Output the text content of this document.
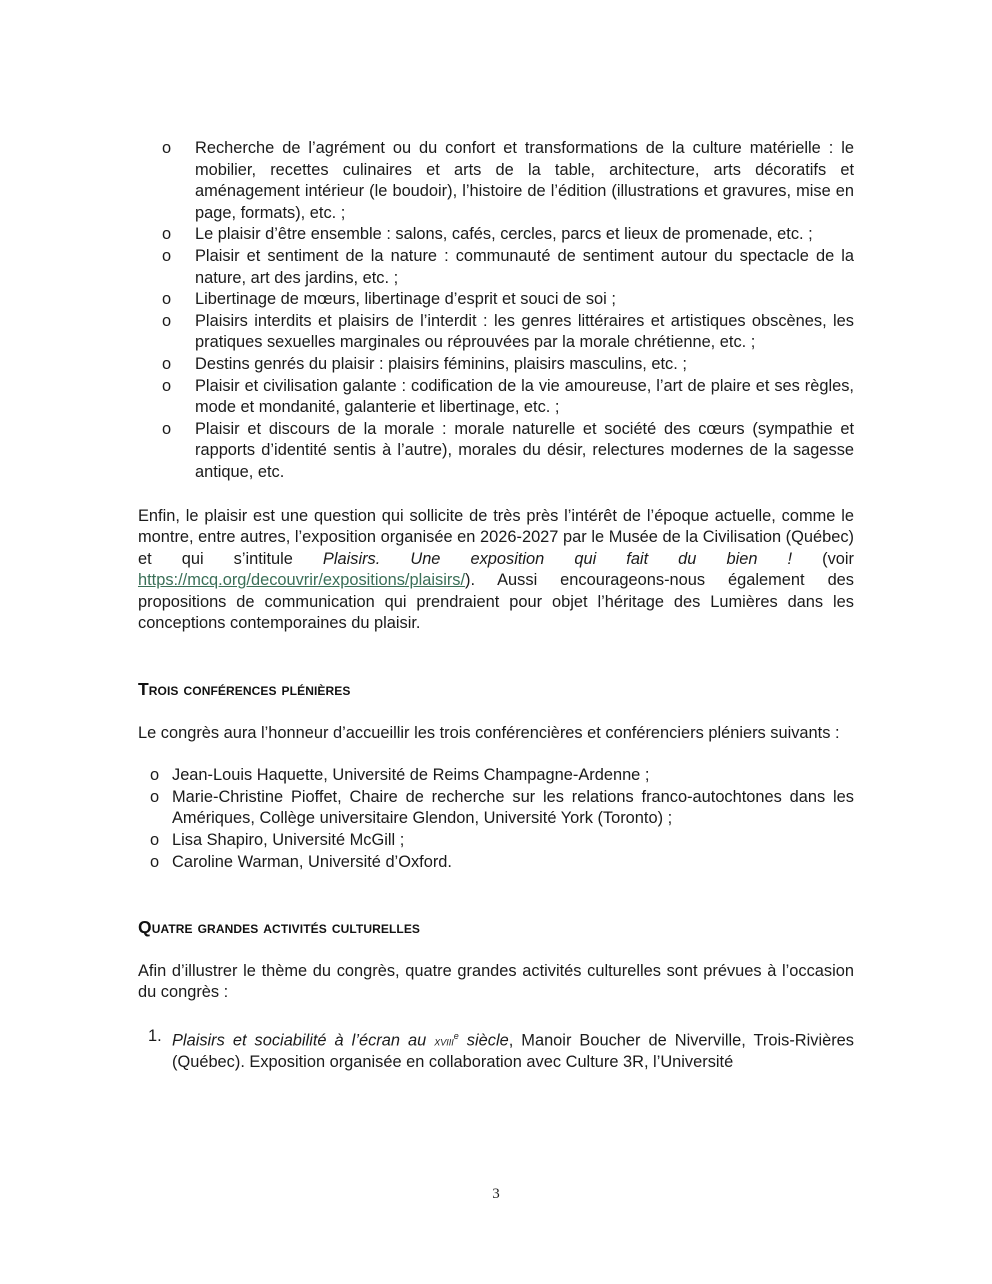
o Recherche de l’agrément ou du confort et transformations de la culture matérielle : le mobilier, recettes culinaires et arts de la table, architecture, arts décoratifs et aménagement intérieur (le boudoir), l’histoire de l’édition (illustrations et gravures, mise en page, formats), etc. ;
o Le plaisir d’être ensemble : salons, cafés, cercles, parcs et lieux de promenade, etc. ;
o Plaisir et sentiment de la nature : communauté de sentiment autour du spectacle de la nature, art des jardins, etc. ;
o Libertinage de mœurs, libertinage d’esprit et souci de soi ;
o Plaisirs interdits et plaisirs de l’interdit : les genres littéraires et artistiques obscènes, les pratiques sexuelles marginales ou réprouvées par la morale chrétienne, etc. ;
o Destins genrés du plaisir : plaisirs féminins, plaisirs masculins, etc. ;
o Plaisir et civilisation galante : codification de la vie amoureuse, l’art de plaire et ses règles, mode et mondanité, galanterie et libertinage, etc. ;
o Plaisir et discours de la morale : morale naturelle et société des cœurs (sympathie et rapports d’identité sentis à l’autre), morales du désir, relectures modernes de la sagesse antique, etc.

Enfin, le plaisir est une question qui sollicite de très près l’intérêt de l’époque actuelle, comme le montre, entre autres, l’exposition organisée en 2026-2027 par le Musée de la Civilisation (Québec) et qui s’intitule Plaisirs. Une exposition qui fait du bien ! (voir https://mcq.org/decouvrir/expositions/plaisirs/). Aussi encourageons-nous également des propositions de communication qui prendraient pour objet l’héritage des Lumières dans les conceptions contemporaines du plaisir.

Trois conférences plénières

Le congrès aura l’honneur d’accueillir les trois conférencières et conférenciers pléniers suivants :

o Jean-Louis Haquette, Université de Reims Champagne-Ardenne ;
o Marie-Christine Pioffet, Chaire de recherche sur les relations franco-autochtones dans les Amériques, Collège universitaire Glendon, Université York (Toronto) ;
o Lisa Shapiro, Université McGill ;
o Caroline Warman, Université d’Oxford.
Quatre grandes activités culturelles

Afin d’illustrer le thème du congrès, quatre grandes activités culturelles sont prévues à l’occasion du congrès :

1. Plaisirs et sociabilité à l’écran au xviii$^e$ siècle, Manoir Boucher de Niverville, Trois-Rivières (Québec). Exposition organisée en collaboration avec Culture 3R, l’Université
3
